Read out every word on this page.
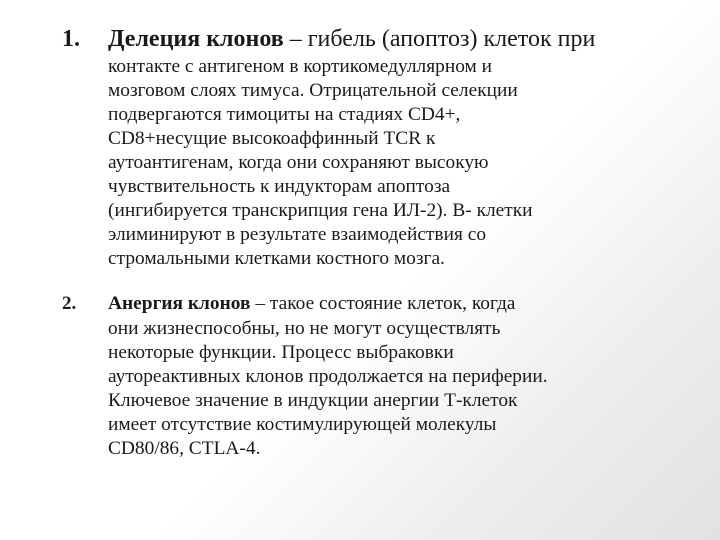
1. Делеция клонов – гибель (апоптоз) клеток при
контакте с антигеном в кортикомедуллярном и
мозговом слоях тимуса. Отрицательной селекции
подвергаются тимоциты на стадиях CD4+,
CD8+несущие высокоаффинный TCR к
аутоантигенам, когда они сохраняют высокую
чувствительность к индукторам апоптоза
(ингибируется транскрипция гена ИЛ-2). В- клетки
элиминируют в результате взаимодействия со
стромальными клетками костного мозга.
2. Анергия клонов – такое состояние клеток, когда
они жизнеспособны, но не могут осуществлять
некоторые функции. Процесс выбраковки
аутореактивных клонов продолжается на периферии.
Ключевое значение в индукции анергии Т-клеток
имеет отсутствие костимулирующей молекулы
CD80/86, CTLA-4.
